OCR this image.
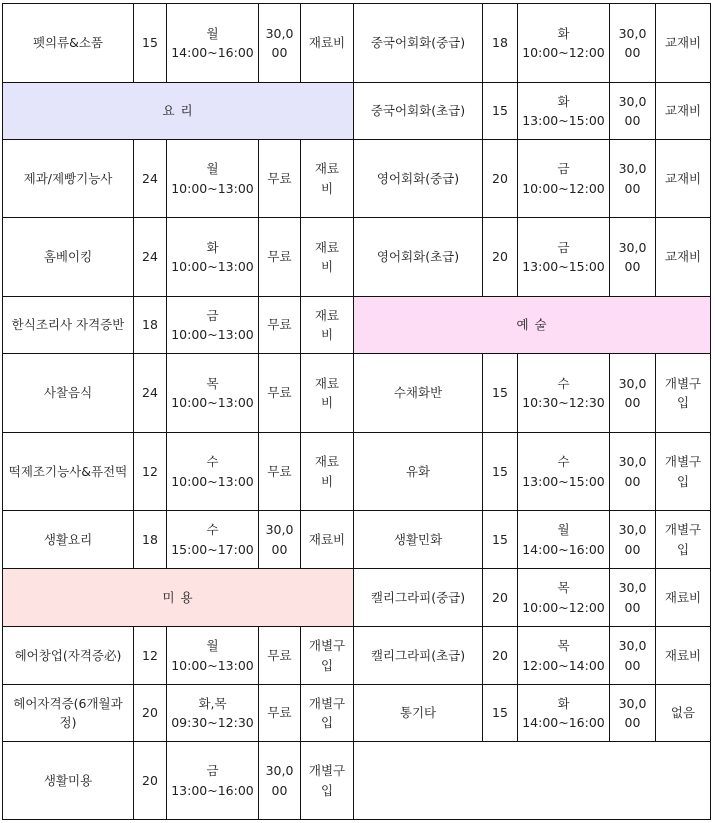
펫의류&소품	15	월
14:00~16:00	30,0
00	재료비	중국어회화(중급)	18	화
10:00~12:00	30,0
00	교재비

요 리					중국어회화(초급)	15	화
13:00~15:00	30,0
00	교재비

제과/제빵기능사	24	월
10:00~13:00	무료	재료
비	영어회화(중급)	20	금
10:00~12:00	30,0
00	교재비

홈베이킹	24	화
10:00~13:00	무료	재료
비	영어회화(초급)	20	금
13:00~15:00	30,0
00	교재비

한식조리사 자격증반	18	금
10:00~13:00	무료	재료
비	예 술				
사찰음식	24	목
10:00~13:00	무료	재료
비	수채화반	15	수
10:30~12:30	30,0
00	개별구
입

떡제조기능사&퓨전떡	12	수
10:00~13:00	무료	재료
비	유화	15	수
13:00~15:00	30,0
00	개별구
입

생활요리	18	수
15:00~17:00	30,0
00	재료비	생활민화	15	월
14:00~16:00	30,0
00	개별구
입

미 용					캘리그라피(중급)	20	목
10:00~12:00	30,0
00	재료비

헤어창업(자격증必)	12	월
10:00~13:00	무료	개별구
입	캘리그라피(초급)	20	목
12:00~14:00	30,0
00	재료비

헤어자격증(6개월과
정)	20	화,목
09:30~12:30	무료	개별구
입	통기타	15	화
14:00~16:00	30,0
00	없음

생활미용	20	금
13:00~16:00	30,0
00	개별구
입					
